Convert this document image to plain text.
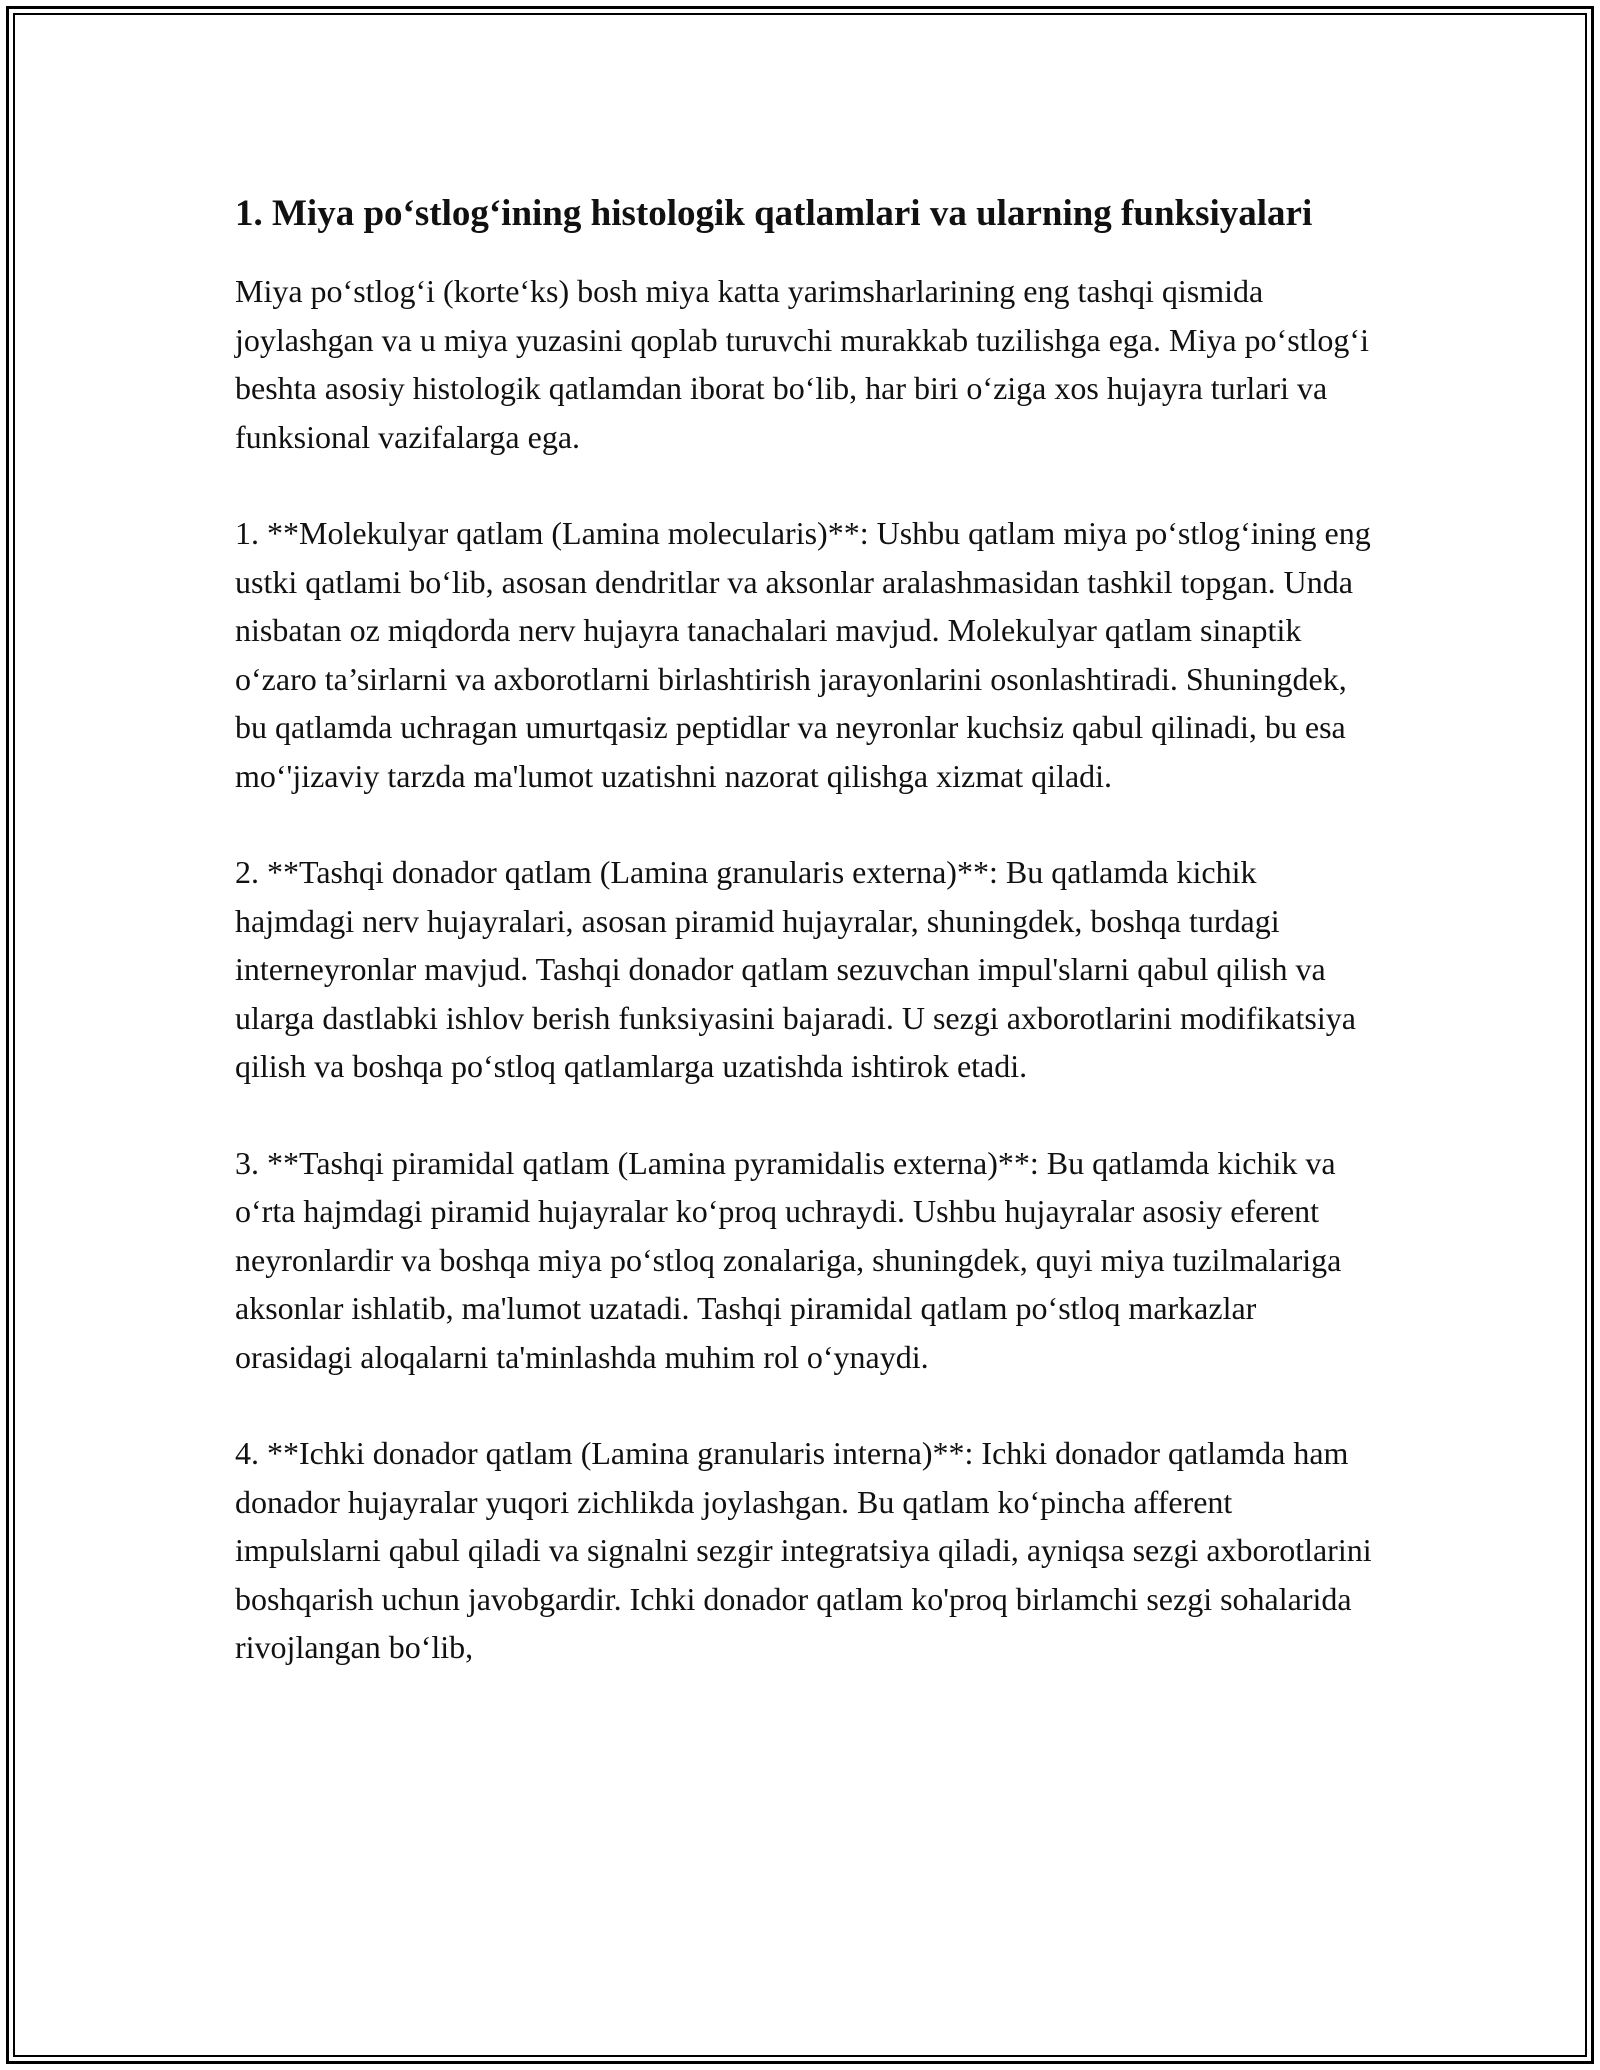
1. Miya po‘stlog‘ining histologik qatlamlari va ularning funksiyalari

Miya po‘stlog‘i (korte‘ks) bosh miya katta yarimsharlarining eng tashqi qismida joylashgan va u miya yuzasini qoplab turuvchi murakkab tuzilishga ega. Miya po‘stlog‘i beshta asosiy histologik qatlamdan iborat bo‘lib, har biri o‘ziga xos hujayra turlari va funksional vazifalarga ega.

1. **Molekulyar qatlam (Lamina molecularis)**: Ushbu qatlam miya po‘stlog‘ining eng ustki qatlami bo‘lib, asosan dendritlar va aksonlar aralashmasidan tashkil topgan. Unda nisbatan oz miqdorda nerv hujayra tanachalari mavjud. Molekulyar qatlam sinaptik o‘zaro ta’sirlarni va axborotlarni birlashtirish jarayonlarini osonlashtiradi. Shuningdek, bu qatlamda uchragan umurtqasiz peptidlar va neyronlar kuchsiz qabul qilinadi, bu esa mo‘'jizaviy tarzda ma'lumot uzatishni nazorat qilishga xizmat qiladi.

2. **Tashqi donador qatlam (Lamina granularis externa)**: Bu qatlamda kichik hajmdagi nerv hujayralari, asosan piramid hujayralar, shuningdek, boshqa turdagi interneyronlar mavjud. Tashqi donador qatlam sezuvchan impul'slarni qabul qilish va ularga dastlabki ishlov berish funksiyasini bajaradi. U sezgi axborotlarini modifikatsiya qilish va boshqa po‘stloq qatlamlarga uzatishda ishtirok etadi.

3. **Tashqi piramidal qatlam (Lamina pyramidalis externa)**: Bu qatlamda kichik va o‘rta hajmdagi piramid hujayralar ko‘proq uchraydi. Ushbu hujayralar asosiy eferent neyronlardir va boshqa miya po‘stloq zonalariga, shuningdek, quyi miya tuzilmalariga aksonlar ishlatib, ma'lumot uzatadi. Tashqi piramidal qatlam po‘stloq markazlar orasidagi aloqalarni ta'minlashda muhim rol o‘ynaydi.

4. **Ichki donador qatlam (Lamina granularis interna)**: Ichki donador qatlamda ham donador hujayralar yuqori zichlikda joylashgan. Bu qatlam ko‘pincha afferent impulslarni qabul qiladi va signalni sezgir integratsiya qiladi, ayniqsa sezgi axborotlarini boshqarish uchun javobgardir. Ichki donador qatlam ko'proq birlamchi sezgi sohalarida rivojlangan bo‘lib,
